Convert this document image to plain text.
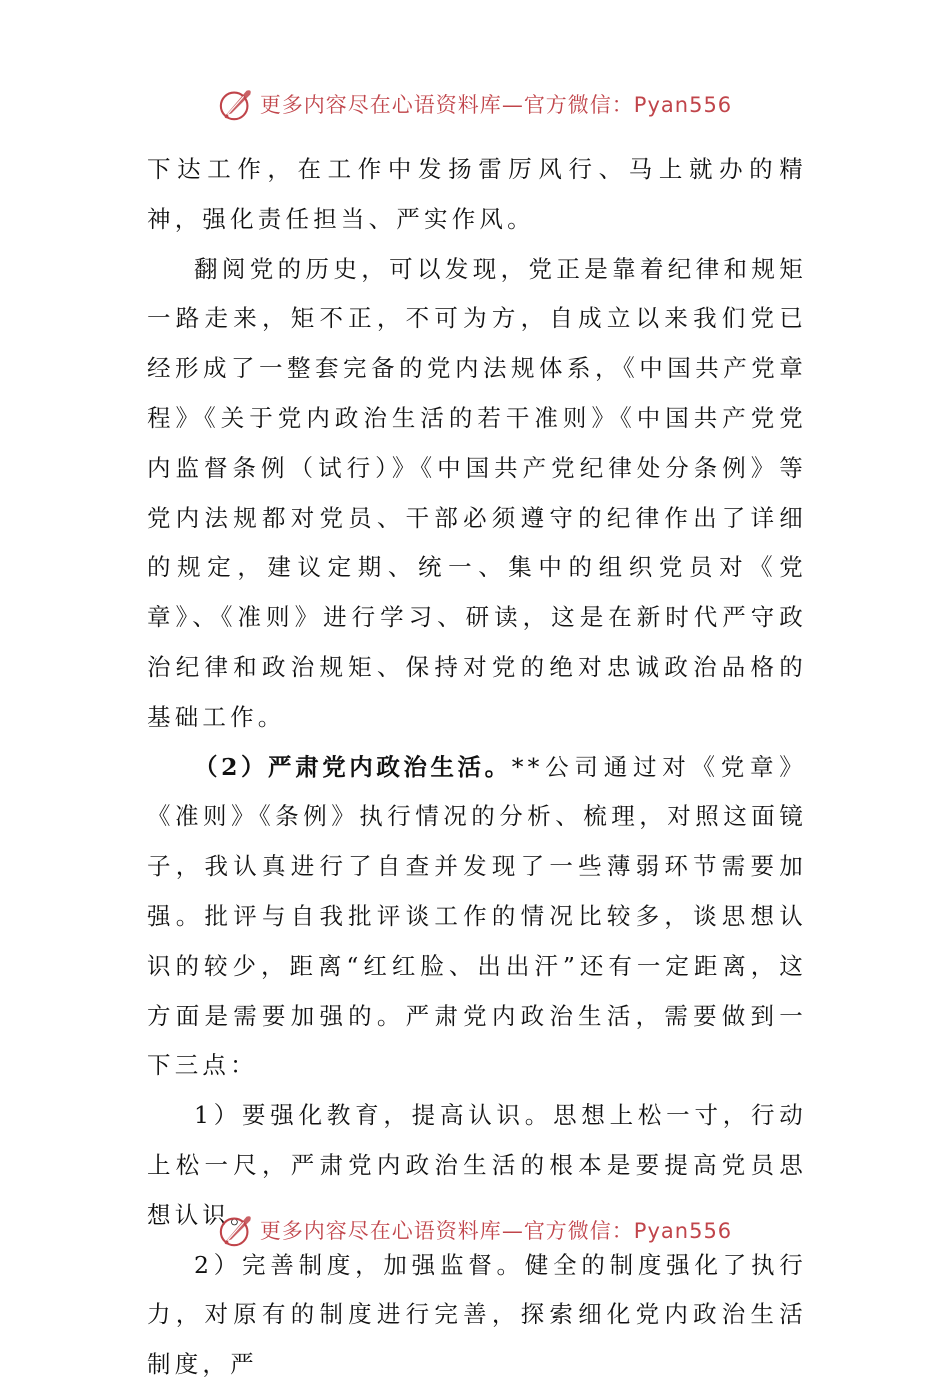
更多内容尽在心语资料库—官方微信：Pyan556

下达工作，在工作中发扬雷厉风行、马上就办的精神，强化责任担当、严实作风。

翻阅党的历史，可以发现，党正是靠着纪律和规矩一路走来，矩不正，不可为方，自成立以来我们党已经形成了一整套完备的党内法规体系，《中国共产党章程》《关于党内政治生活的若干准则》《中国共产党党内监督条例（试行）》《中国共产党纪律处分条例》等党内法规都对党员、干部必须遵守的纪律作出了详细的规定，建议定期、统一、集中的组织党员对《党章》、《准则》进行学习、研读，这是在新时代严守政治纪律和政治规矩、保持对党的绝对忠诚政治品格的基础工作。

（2）严肃党内政治生活。**公司通过对《党章》《准则》《条例》执行情况的分析、梳理，对照这面镜子，我认真进行了自查并发现了一些薄弱环节需要加强。批评与自我批评谈工作的情况比较多，谈思想认识的较少，距离“红红脸、出出汗”还有一定距离，这方面是需要加强的。严肃党内政治生活，需要做到一下三点：

1）要强化教育，提高认识。思想上松一寸，行动上松一尺，严肃党内政治生活的根本是要提高党员思想认识。

2）完善制度，加强监督。健全的制度强化了执行力，对原有的制度进行完善，探索细化党内政治生活制度，严

更多内容尽在心语资料库—官方微信：Pyan556
